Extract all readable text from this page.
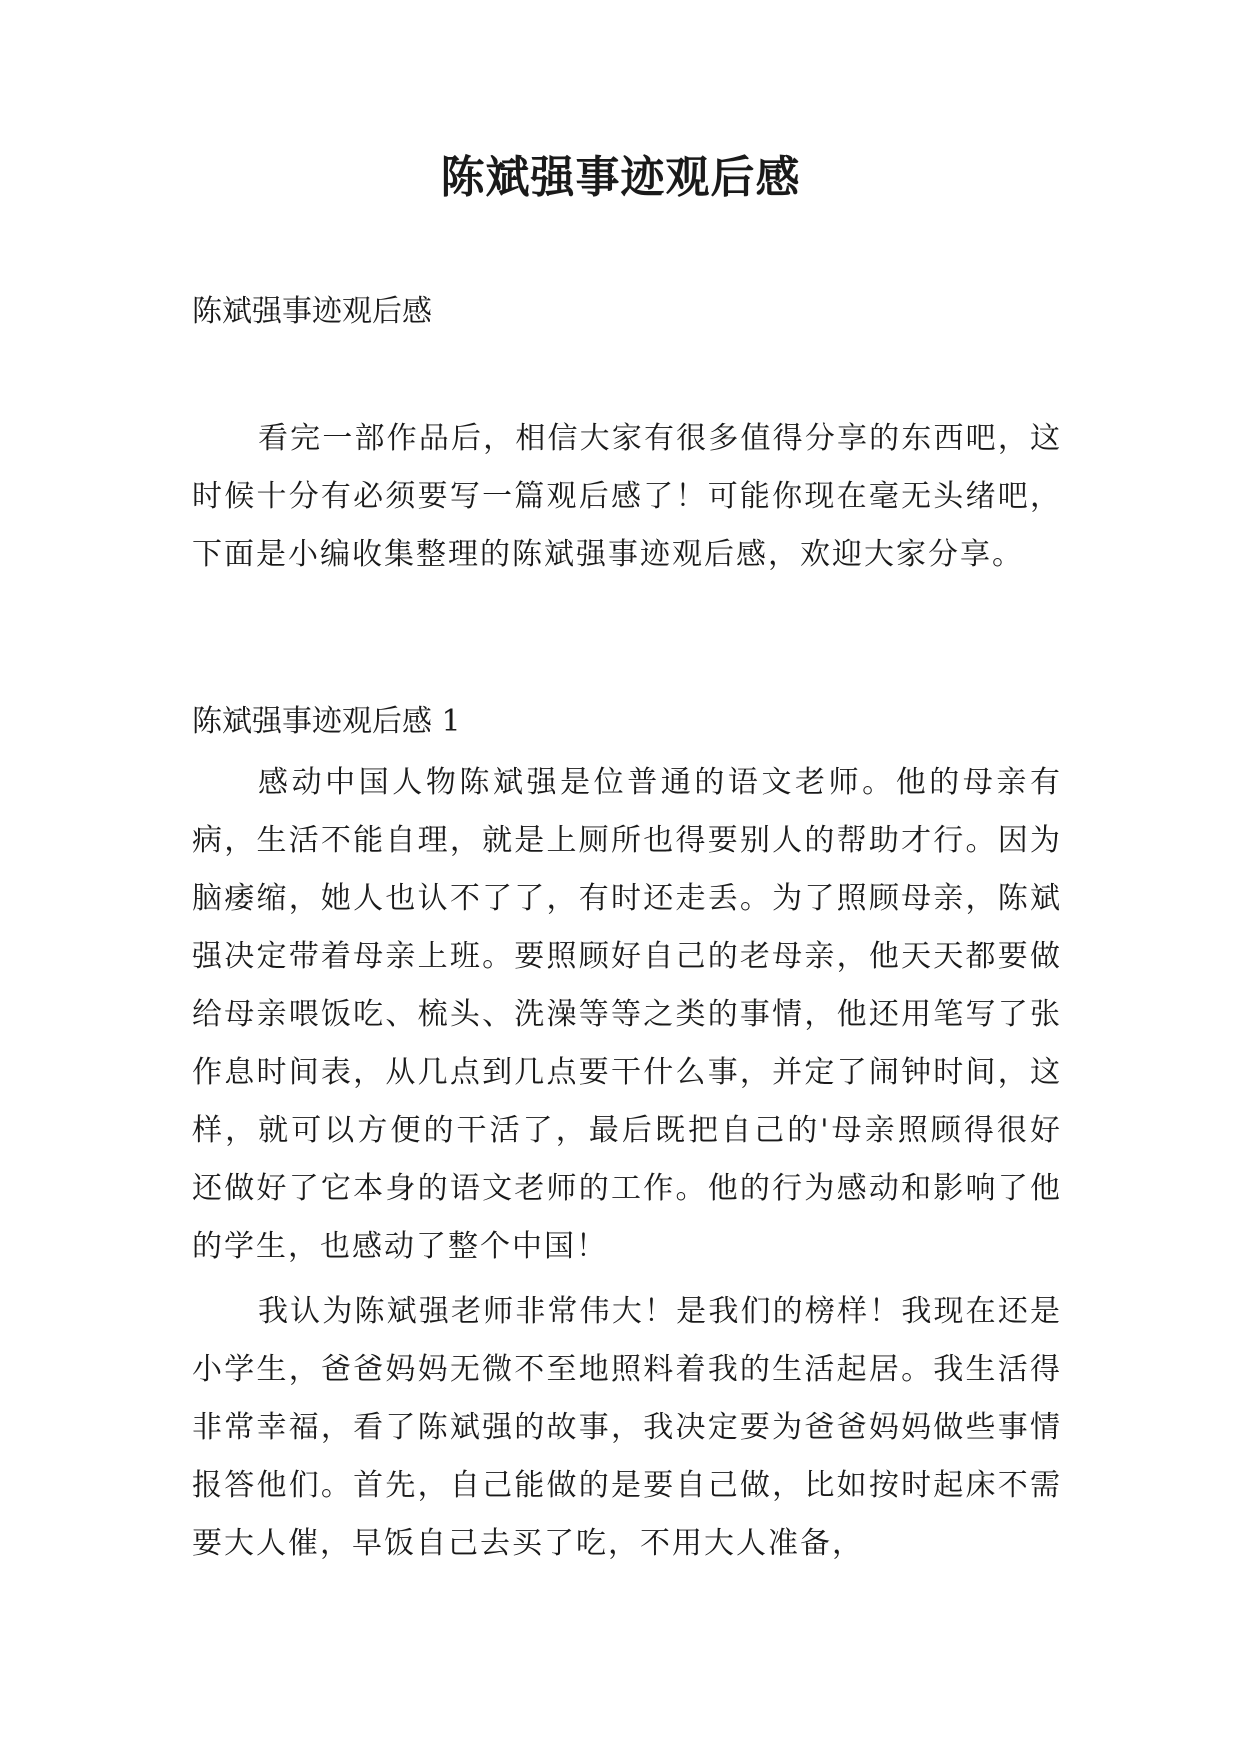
陈斌强事迹观后感

陈斌强事迹观后感

看完一部作品后，相信大家有很多值得分享的东西吧，这时候十分有必须要写一篇观后感了！可能你现在毫无头绪吧，下面是小编收集整理的陈斌强事迹观后感，欢迎大家分享。

陈斌强事迹观后感 1

感动中国人物陈斌强是位普通的语文老师。他的母亲有病，生活不能自理，就是上厕所也得要别人的帮助才行。因为脑痿缩，她人也认不了了，有时还走丢。为了照顾母亲，陈斌强决定带着母亲上班。要照顾好自己的老母亲，他天天都要做给母亲喂饭吃、梳头、洗澡等等之类的事情，他还用笔写了张作息时间表，从几点到几点要干什么事，并定了闹钟时间，这样，就可以方便的干活了，最后既把自己的'母亲照顾得很好还做好了它本身的语文老师的工作。他的行为感动和影响了他的学生，也感动了整个中国！

我认为陈斌强老师非常伟大！是我们的榜样！我现在还是小学生，爸爸妈妈无微不至地照料着我的生活起居。我生活得非常幸福，看了陈斌强的故事，我决定要为爸爸妈妈做些事情报答他们。首先，自己能做的是要自己做，比如按时起床不需要大人催，早饭自己去买了吃，不用大人准备，
